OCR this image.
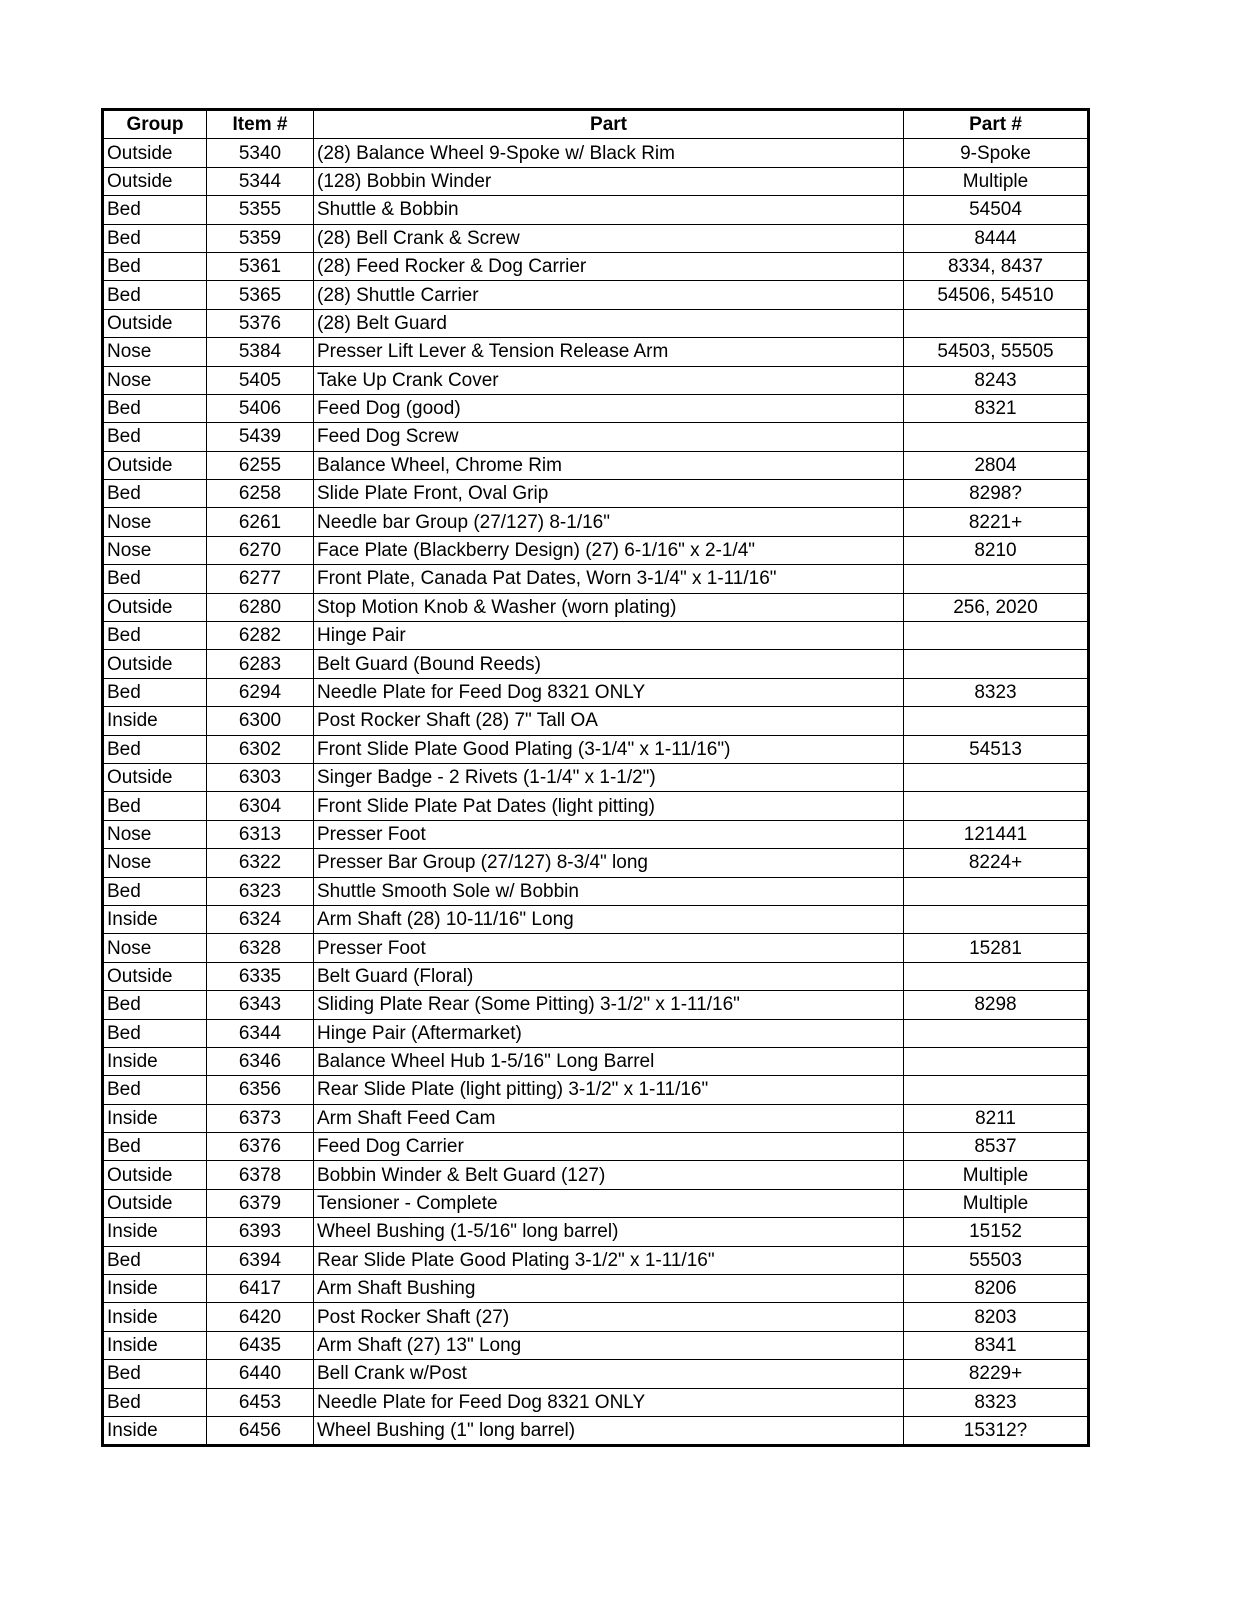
Group	Item #	Part	Part #
Outside	5340	(28) Balance Wheel 9-Spoke w/ Black Rim	9-Spoke
Outside	5344	(128) Bobbin Winder	Multiple
Bed	5355	Shuttle & Bobbin	54504
Bed	5359	(28) Bell Crank & Screw	8444
Bed	5361	(28) Feed Rocker & Dog Carrier	8334, 8437
Bed	5365	(28) Shuttle Carrier	54506, 54510
Outside	5376	(28) Belt Guard	
Nose	5384	Presser Lift Lever & Tension Release Arm	54503, 55505
Nose	5405	Take Up Crank Cover	8243
Bed	5406	Feed Dog (good)	8321
Bed	5439	Feed Dog Screw	
Outside	6255	Balance Wheel, Chrome Rim	2804
Bed	6258	Slide Plate Front, Oval Grip	8298?
Nose	6261	Needle bar Group (27/127) 8-1/16"	8221+
Nose	6270	Face Plate (Blackberry Design) (27) 6-1/16" x 2-1/4"	8210
Bed	6277	Front Plate, Canada Pat Dates, Worn 3-1/4" x 1-11/16"	
Outside	6280	Stop Motion Knob & Washer (worn plating)	256, 2020
Bed	6282	Hinge Pair	
Outside	6283	Belt Guard (Bound Reeds)	
Bed	6294	Needle Plate for Feed Dog 8321 ONLY	8323
Inside	6300	Post Rocker Shaft (28) 7" Tall OA	
Bed	6302	Front Slide Plate Good Plating (3-1/4" x 1-11/16")	54513
Outside	6303	Singer Badge - 2 Rivets (1-1/4" x 1-1/2")	
Bed	6304	Front Slide Plate Pat Dates (light pitting)	
Nose	6313	Presser Foot	121441
Nose	6322	Presser Bar Group (27/127) 8-3/4" long	8224+
Bed	6323	Shuttle Smooth Sole w/ Bobbin	
Inside	6324	Arm Shaft (28) 10-11/16" Long	
Nose	6328	Presser Foot	15281
Outside	6335	Belt Guard (Floral)	
Bed	6343	Sliding Plate Rear (Some Pitting) 3-1/2" x 1-11/16"	8298
Bed	6344	Hinge Pair (Aftermarket)	
Inside	6346	Balance Wheel Hub 1-5/16" Long Barrel	
Bed	6356	Rear Slide Plate (light pitting) 3-1/2" x 1-11/16"	
Inside	6373	Arm Shaft Feed Cam	8211
Bed	6376	Feed Dog Carrier	8537
Outside	6378	Bobbin Winder & Belt Guard (127)	Multiple
Outside	6379	Tensioner - Complete	Multiple
Inside	6393	Wheel Bushing (1-5/16" long barrel)	15152
Bed	6394	Rear Slide Plate Good Plating 3-1/2" x 1-11/16"	55503
Inside	6417	Arm Shaft Bushing	8206
Inside	6420	Post Rocker Shaft (27)	8203
Inside	6435	Arm Shaft (27) 13" Long	8341
Bed	6440	Bell Crank w/Post	8229+
Bed	6453	Needle Plate for Feed Dog 8321 ONLY	8323
Inside	6456	Wheel Bushing (1" long barrel)	15312?
